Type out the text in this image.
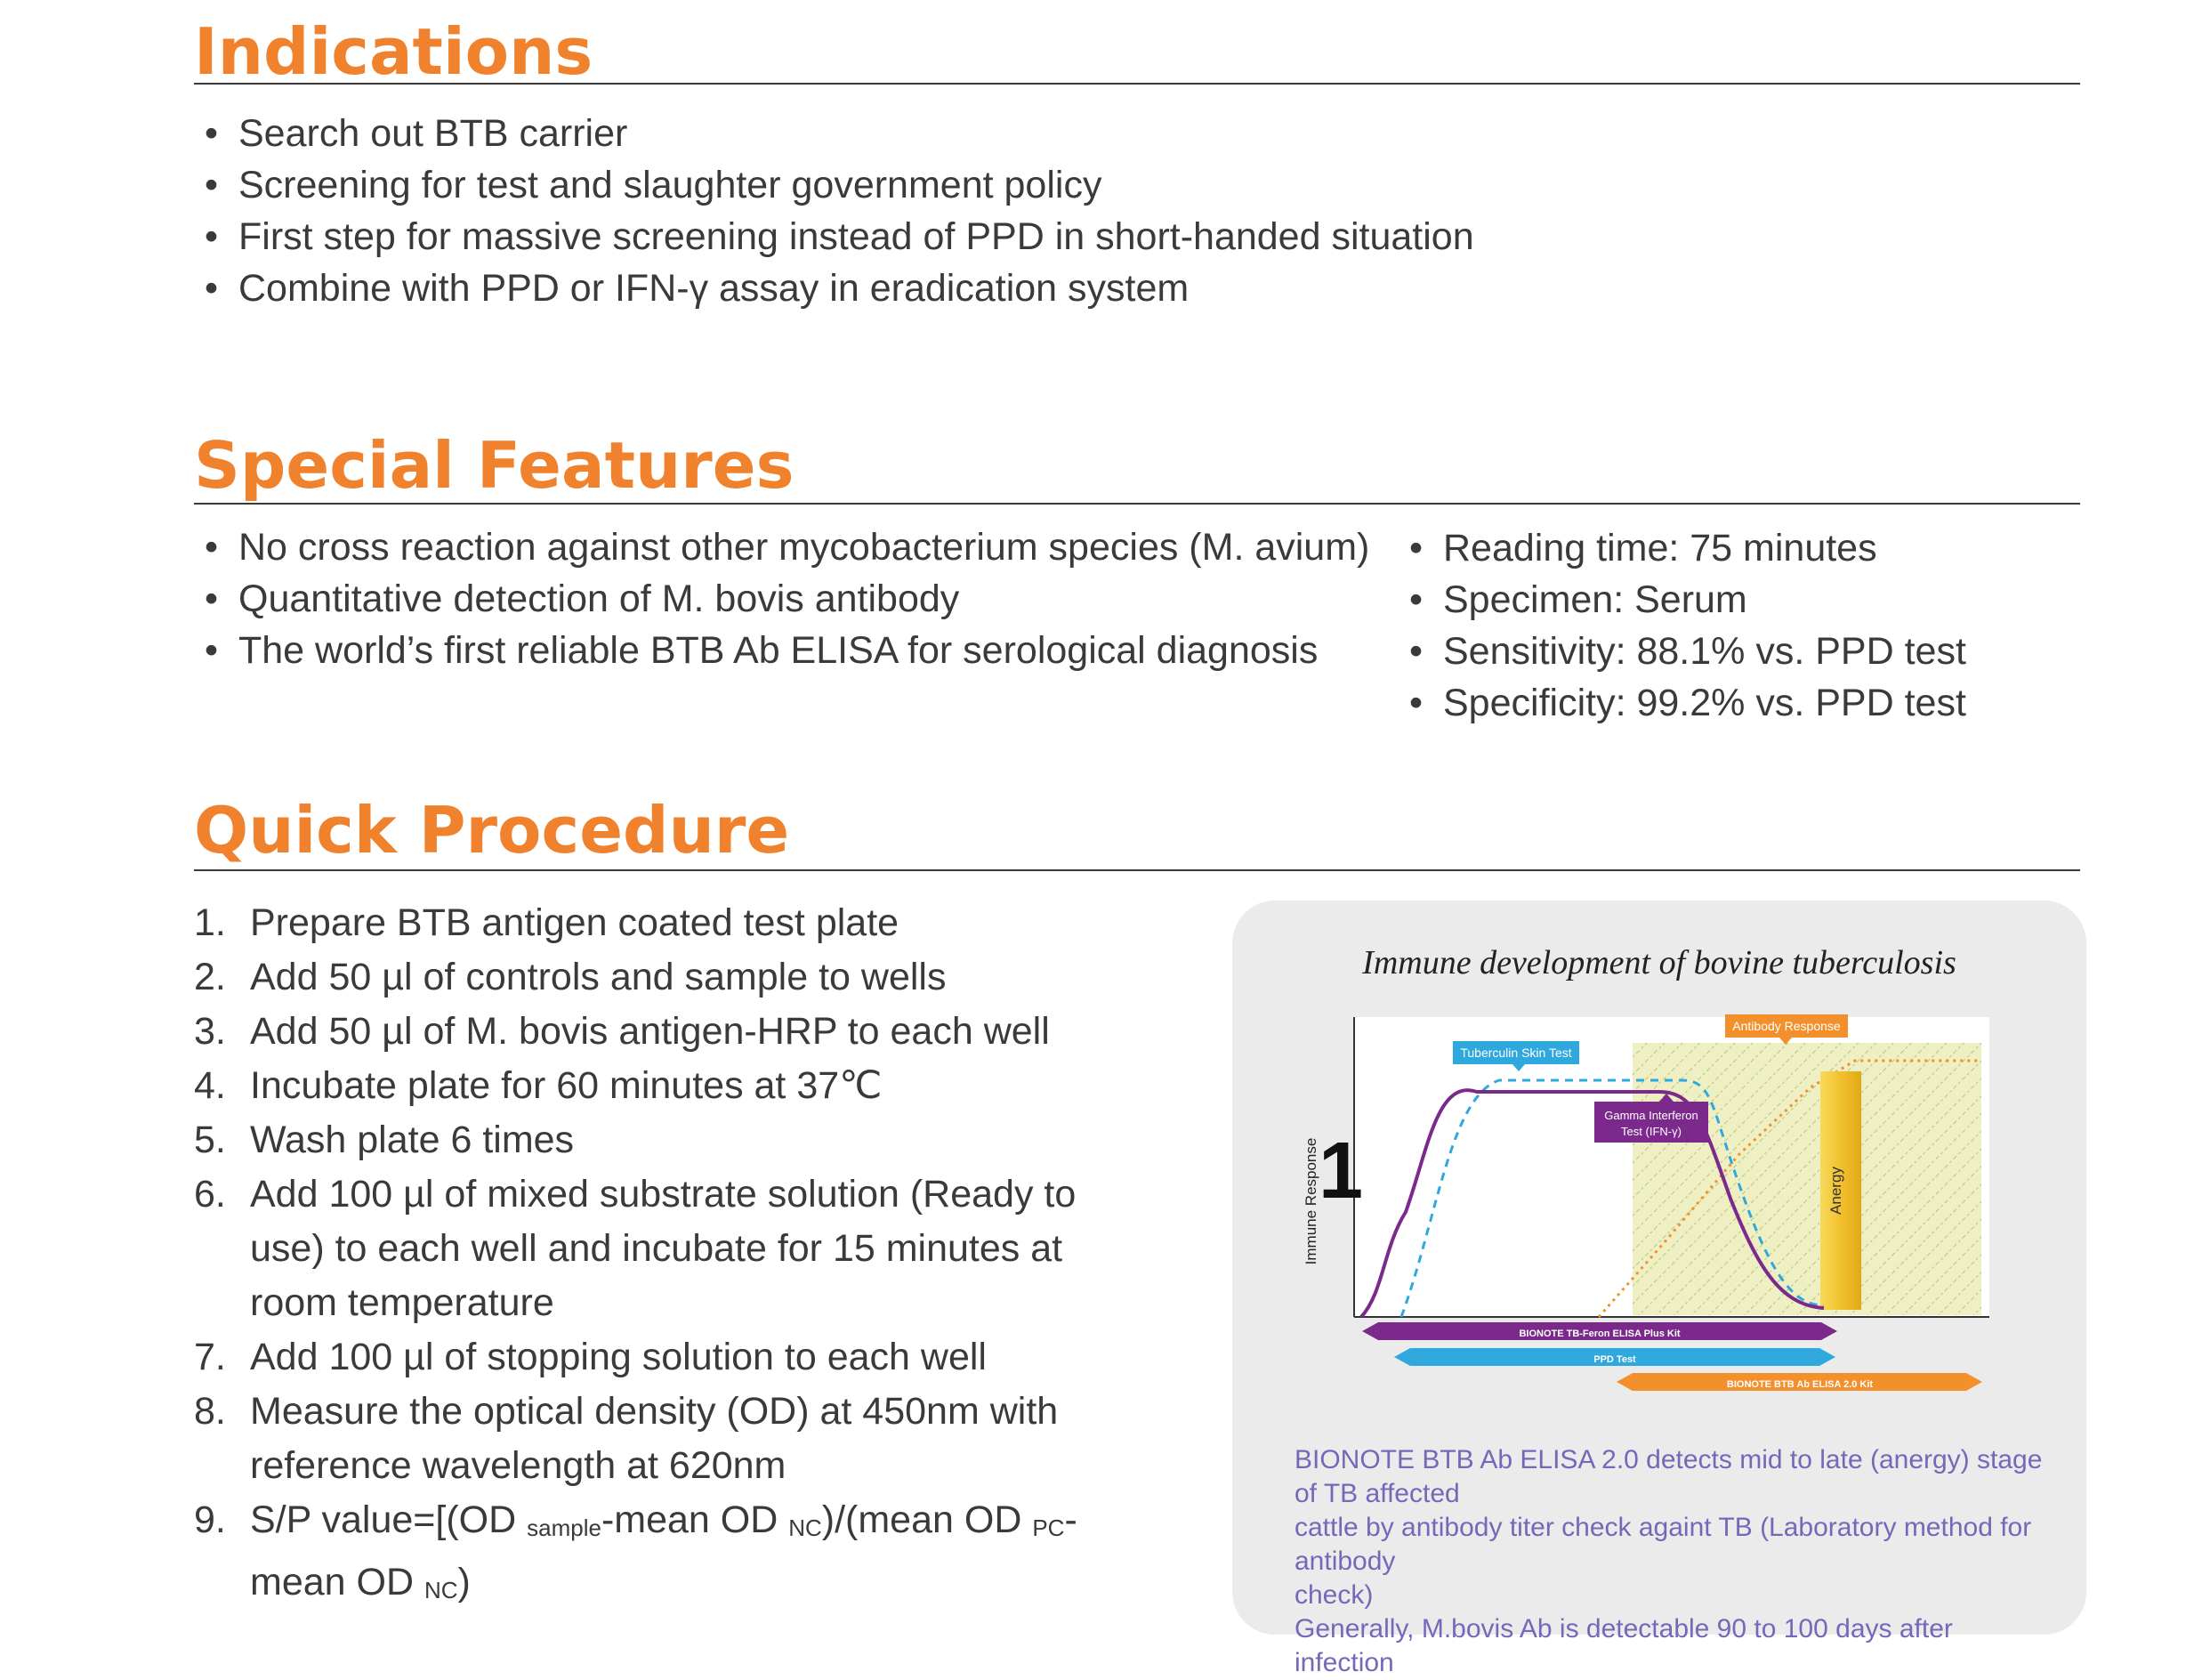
Indications
• Search out BTB carrier
• Screening for test and slaughter government policy
• First step for massive screening instead of PPD in short-handed situation
• Combine with PPD or IFN-γ assay in eradication system
Special Features
• No cross reaction against other mycobacterium species (M. avium)
• Quantitative detection of M. bovis antibody
• The world’s first reliable BTB Ab ELISA for serological diagnosis
• Reading time: 75 minutes
• Specimen: Serum
• Sensitivity: 88.1% vs. PPD test
• Specificity: 99.2% vs. PPD test
Quick Procedure
1. Prepare BTB antigen coated test plate
2. Add 50 µl of controls and sample to wells
3. Add 50 µl of M. bovis antigen-HRP to each well
4. Incubate plate for 60 minutes at 37℃
5. Wash plate 6 times
6. Add 100 µl of mixed substrate solution (Ready to use) to each well and incubate for 15 minutes at room temperature
7. Add 100 µl of stopping solution to each well
8. Measure the optical density (OD) at 450nm with reference wavelength at 620nm
9. S/P value=[(OD $_{sample}$-mean OD $_{NC}$)/(mean OD $_{PC}$-mean OD $_{NC}$)

Immune development of bovine tuberculosis

Immune Response
1	Anergy
Tuberculin Skin Test
Antibody Response
Gamma Interferon
Test (IFN-γ)
BIONOTE TB-Feron ELISA Plus Kit
PPD Test
BIONOTE BTB Ab ELISA 2.0 Kit

BIONOTE BTB Ab ELISA 2.0 detects mid to late (anergy) stage of TB affected
cattle by antibody titer check againt TB (Laboratory method for antibody
check)
Generally, M.bovis Ab is detectable 90 to 100 days after infection
